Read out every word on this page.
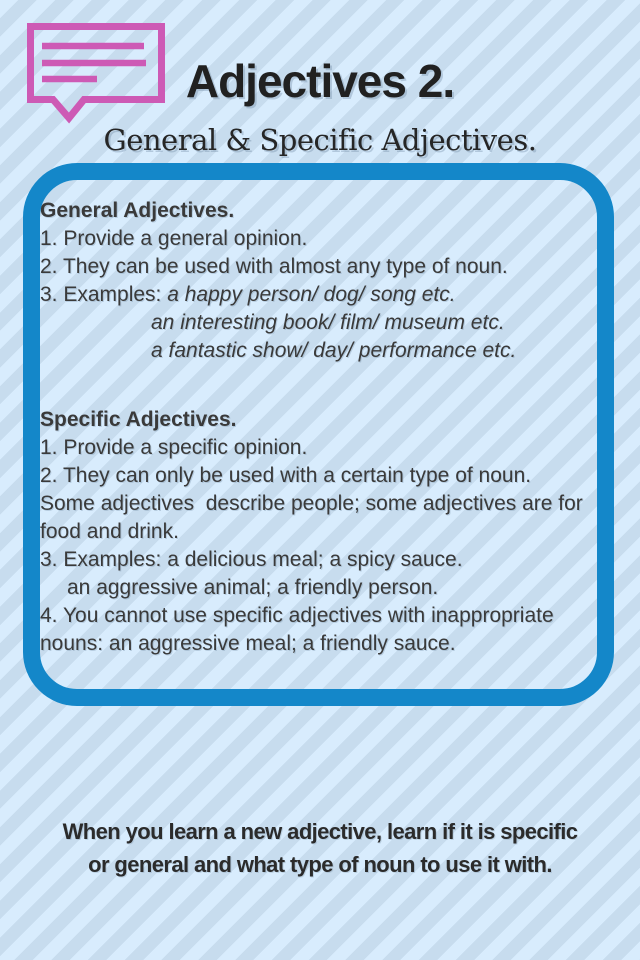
Adjectives 2.
General & Specific Adjectives.
General Adjectives.
1. Provide a general opinion.
2. They can be used with almost any type of noun.
3. Examples: a happy person/ dog/ song etc.
an interesting book/ film/ museum etc.
a fantastic show/ day/ performance etc.
Specific Adjectives.
1. Provide a specific opinion.
2. They can only be used with a certain type of noun.
Some adjectives  describe people; some adjectives are for
food and drink.
3. Examples: a delicious meal; a spicy sauce.
an aggressive animal; a friendly person.
4. You cannot use specific adjectives with inappropriate
nouns: an aggressive meal; a friendly sauce.
When you learn a new adjective, learn if it is specific
or general and what type of noun to use it with.
